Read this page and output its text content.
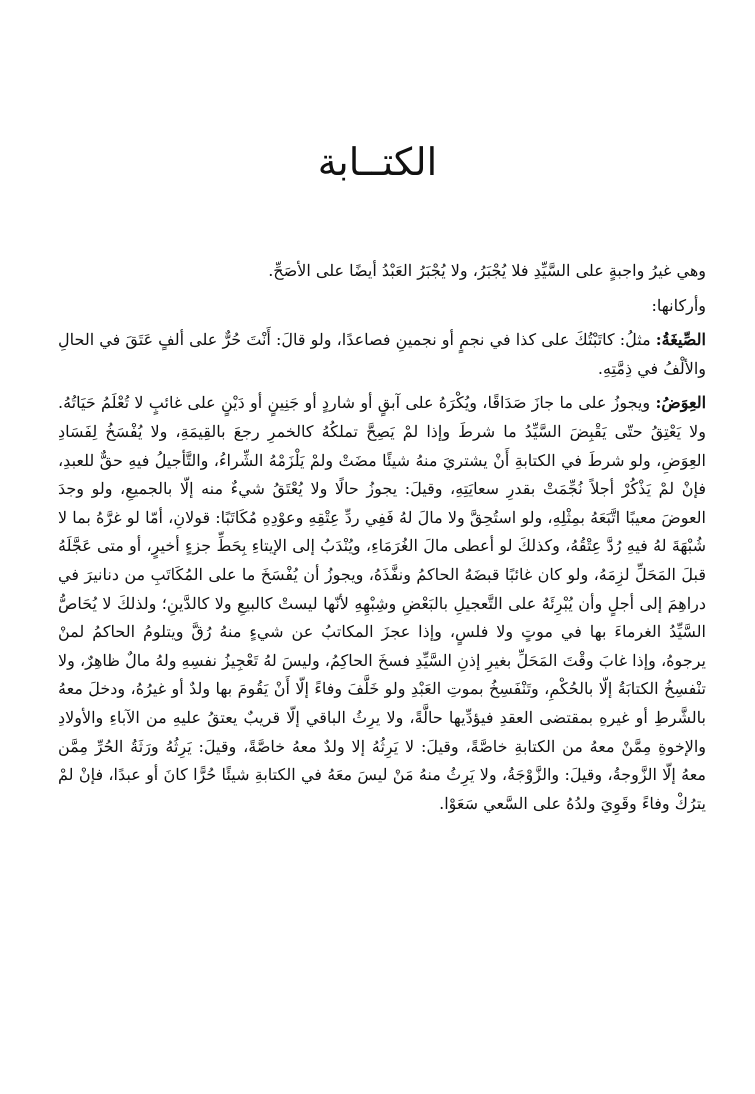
الكتــابة

وهي غيرُ واجبةٍ على السَّيِّدِ فلا يُجْبَرُ، ولا يُجْبَرُ العَبْدُ أيضًا على الأصَحِّ.

وأركانها:

الصِّيغَةُ: مثلُ: كاتَبْتُكَ على كذا في نجمٍ أو نجمينِ فصاعدًا، ولو قالَ: أَنْتَ حُرٌّ على ألفٍ عَتَقَ في الحالِ والألْفُ في ذِمَّتِهِ.

العِوَضُ: ويجوزُ على ما جازَ صَدَاقًا، ويُكْرَهُ على آبقٍ أو شاردٍ أو جَنِينٍ أو دَيْنٍ على غائبٍ لا تُعْلَمُ حَيَاتُهُ. ولا يَعْتِقُ حتّى يَقْبِضَ السَّيِّدُ ما شرطَ وإذا لمْ يَصِحَّ تملكُهُ كالخمرِ رجعَ بالقِيمَةِ، ولا يُفْسَخُ لِفَسَادِ العِوَضِ، ولو شرطَ في الكتابةِ أَنْ يشتريَ منهُ شيئًا مضَتْ ولمْ يَلْزَمْهُ الشِّراءُ، والتَّأجيلُ فيهِ حقٌّ للعبدِ، فإنْ لمْ يَذْكُرْ أجلاً نُجِّمَتْ بقدرِ سعايَتِهِ، وقيلَ: يجوزُ حالًا ولا يُعْتَقُ شيءٌ منه إلّا بالجميعِ، ولو وجدَ العوضَ معيبًا اتَّبَعَهُ بمِثْلِهِ، ولو استُحِقَّ ولا مالَ لهُ فَفِي ردِّ عِتْقِهِ وعوْدِهِ مُكَاتَبًا: قولانِ، أمّا لو غرَّهُ بما لا شُبْهَةَ لهُ فيهِ رُدَّ عِتْقُهُ، وكذلكَ لو أعطى مالَ الغُرَمَاءِ، ويُنْدَبُ إلى الإيتاءِ بِحَطِّ جزءٍ أخيرٍ، أو متى عَجَّلَهُ قبلَ المَحَلِّ لزِمَهُ، ولو كان غائبًا قبضَهُ الحاكمُ ونفَّذَهُ، ويجوزُ أن يُفْسَخَ ما على المُكَاتَبِ من دنانيرَ في دراهِمَ إلى أجلٍ وأن يُبْرِئَهُ على التَّعجيلِ بالبَعْضِ وشِبْهِهِ لأنّها ليستْ كالبيعِ ولا كالدَّينِ؛ ولذلكَ لا يُحَاصُّ السَّيِّدُ الغرماءَ بها في موتٍ ولا فلسٍ، وإذا عجزَ المكاتبُ عن شيءٍ منهُ رُقَّ ويتلومُ الحاكمُ لمنْ يرجوهُ، وإذا غابَ وقْتَ المَحَلِّ بغيرِ إذنِ السَّيِّدِ فسخَ الحاكِمُ، وليسَ لهُ تَعْجِيزُ نفسِهِ ولهُ مالٌ ظاهِرٌ، ولا تنْفسِخُ الكتابَةُ إلّا بالحُكْمِ، وتَنْفَسِخُ بموتِ العَبْدِ ولو خَلَّفَ وفاءً إلّا أَنْ يَقُومَ بها ولدٌ أو غيرُهُ، ودخلَ معهُ بالشَّرطِ أو غيرهِ بمقتضى العقدِ فيؤدِّيها حالَّةً، ولا يرِثُ الباقي إلّا قريبٌ يعتقُ عليهِ من الآباءِ والأولادِ والإخوةِ مِمَّنْ معهُ من الكتابةِ خاصَّةً، وقيلَ: لا يَرِثُهُ إلا ولدٌ معهُ خاصَّةً، وقيلَ: يَرِثُهُ ورَثَةُ الحُرِّ مِمَّن معهُ إلّا الزَّوجةُ، وقيلَ: والزَّوْجَةُ، ولا يَرِثُ منهُ مَنْ ليسَ معَهُ في الكتابةِ شيئًا حُرًّا كانَ أو عبدًا، فإنْ لمْ يترُكْ وفاءً وقَوِيَ ولدُهُ على السَّعي سَعَوْا.
